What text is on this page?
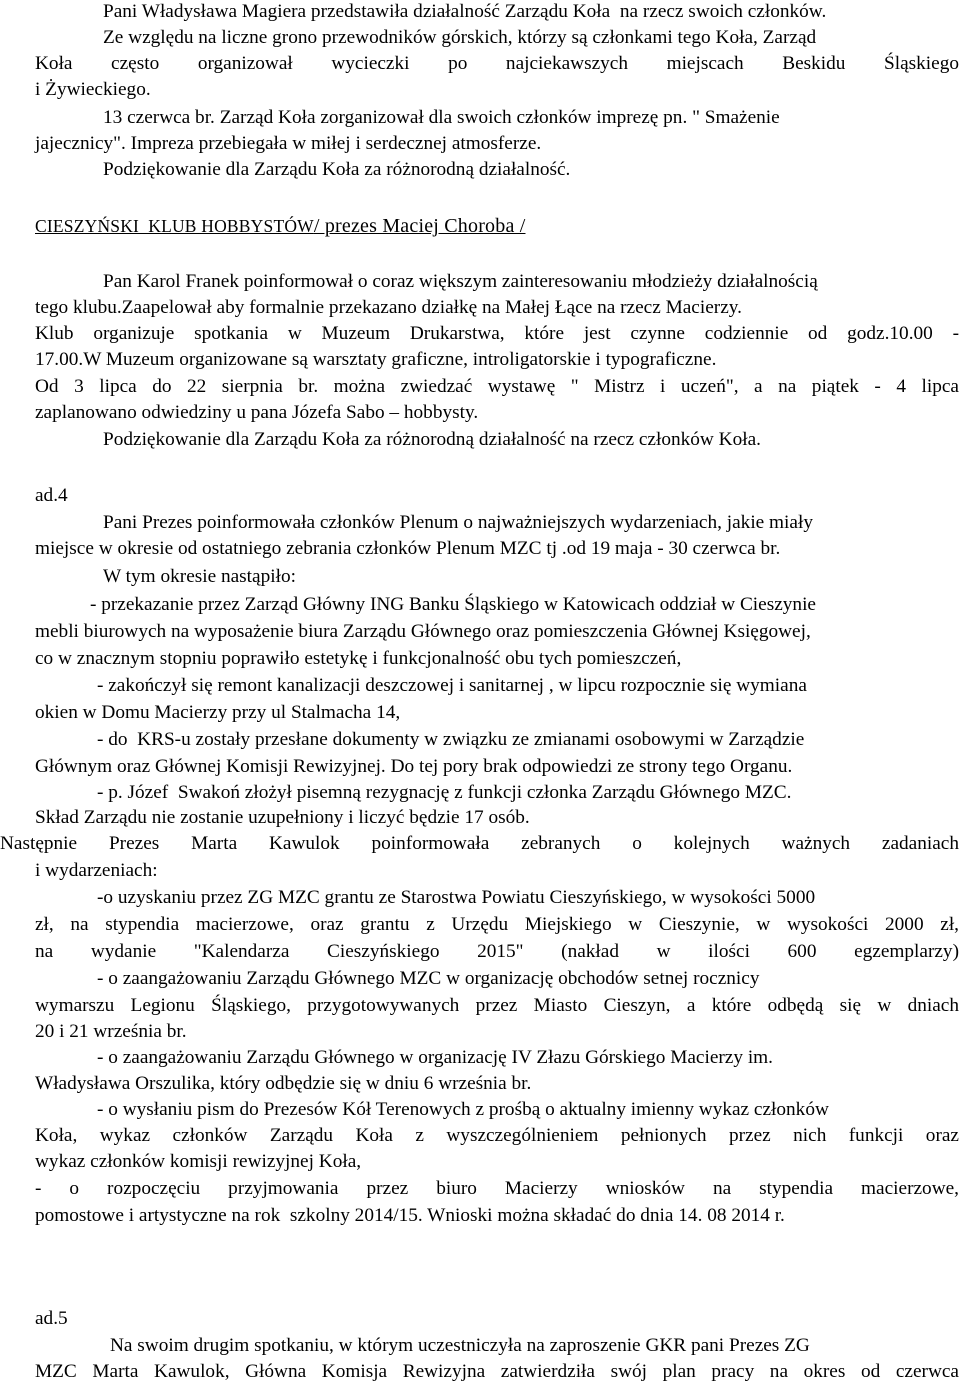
Pani Władysława Magiera przedstawiła działalność Zarządu Koła  na rzecz swoich członków.

Ze względu na liczne grono przewodników górskich, którzy są członkami tego Koła, Zarząd

Koła często organizował wycieczki po najciekawszych miejscach Beskidu Śląskiego

i Żywieckiego.

13 czerwca br. Zarząd Koła zorganizował dla swoich członków imprezę pn. " Smażenie

jajecznicy". Impreza przebiegała w miłej i serdecznej atmosferze.

Podziękowanie dla Zarządu Koła za różnorodną działalność.

CIESZYŃSKI  KLUB HOBBYSTÓW/ prezes Maciej Choroba /

Pan Karol Franek poinformował o coraz większym zainteresowaniu młodzieży działalnością

tego klubu.Zaapelował aby formalnie przekazano działkę na Małej Łące na rzecz Macierzy.

Klub organizuje spotkania w Muzeum Drukarstwa, które jest czynne codziennie od godz.10.00 -

17.00.W Muzeum organizowane są warsztaty graficzne, introligatorskie i typograficzne.

Od 3 lipca do 22 sierpnia br. można zwiedzać wystawę " Mistrz i uczeń", a na piątek - 4 lipca

zaplanowano odwiedziny u pana Józefa Sabo – hobbysty.

Podziękowanie dla Zarządu Koła za różnorodną działalność na rzecz członków Koła.

ad.4

Pani Prezes poinformowała członków Plenum o najważniejszych wydarzeniach, jakie miały

miejsce w okresie od ostatniego zebrania członków Plenum MZC tj .od 19 maja - 30 czerwca br.

W tym okresie nastąpiło:

- przekazanie przez Zarząd Główny ING Banku Śląskiego w Katowicach oddział w Cieszynie

mebli biurowych na wyposażenie biura Zarządu Głównego oraz pomieszczenia Głównej Księgowej,

co w znacznym stopniu poprawiło estetykę i funkcjonalność obu tych pomieszczeń,

- zakończył się remont kanalizacji deszczowej i sanitarnej , w lipcu rozpocznie się wymiana

okien w Domu Macierzy przy ul Stalmacha 14,

- do  KRS-u zostały przesłane dokumenty w związku ze zmianami osobowymi w Zarządzie

Głównym oraz Głównej Komisji Rewizyjnej. Do tej pory brak odpowiedzi ze strony tego Organu.

- p. Józef  Swakoń złożył pisemną rezygnację z funkcji członka Zarządu Głównego MZC.

Skład Zarządu nie zostanie uzupełniony i liczyć będzie 17 osób.

Następnie Prezes Marta Kawulok poinformowała zebranych o kolejnych ważnych zadaniach

i wydarzeniach:

-o uzyskaniu przez ZG MZC grantu ze Starostwa Powiatu Cieszyńskiego, w wysokości 5000

zł, na stypendia macierzowe, oraz grantu z Urzędu Miejskiego w Cieszynie, w wysokości 2000 zł,

na wydanie "Kalendarza Cieszyńskiego 2015" (nakład w ilości 600 egzemplarzy)

- o zaangażowaniu Zarządu Głównego MZC w organizację obchodów setnej rocznicy

wymarszu Legionu Śląskiego, przygotowywanych przez Miasto Cieszyn, a które odbędą się w dniach

20 i 21 września br.

- o zaangażowaniu Zarządu Głównego w organizację IV Złazu Górskiego Macierzy im.

Władysława Orszulika, który odbędzie się w dniu 6 września br.

- o wysłaniu pism do Prezesów Kół Terenowych z prośbą o aktualny imienny wykaz członków

Koła, wykaz członków Zarządu Koła z wyszczególnieniem pełnionych przez nich funkcji oraz

wykaz członków komisji rewizyjnej Koła,

- o rozpoczęciu przyjmowania przez biuro Macierzy wniosków na stypendia macierzowe,

pomostowe i artystyczne na rok  szkolny 2014/15. Wnioski można składać do dnia 14. 08 2014 r.

ad.5

Na swoim drugim spotkaniu, w którym uczestniczyła na zaproszenie GKR pani Prezes ZG

MZC Marta Kawulok, Główna Komisja Rewizyjna zatwierdziła swój plan pracy na okres od czerwca
